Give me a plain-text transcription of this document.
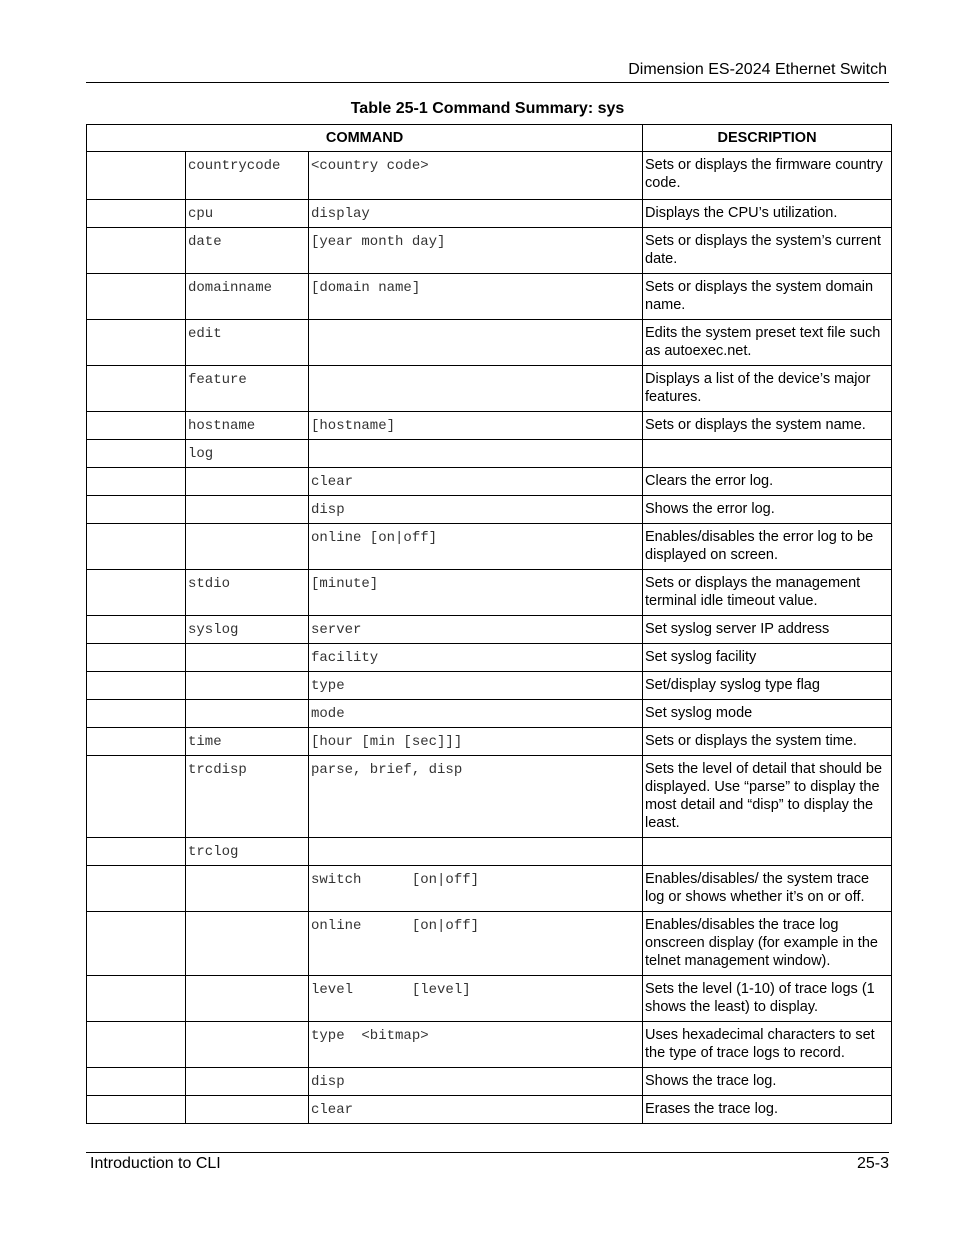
Dimension ES-2024 Ethernet Switch
Table 25-1 Command Summary: sys
COMMAND			DESCRIPTION
	countrycode	<country code>	Sets or displays the firmware country code.
	cpu	display	Displays the CPU’s utilization.
	date	[year month day]	Sets or displays the system’s current date.
	domainname	[domain name]	Sets or displays the system domain name.
	edit		Edits the system preset text file such as autoexec.net.
	feature		Displays a list of the device’s major features.
	hostname	[hostname]	Sets or displays the system name.
	log		
		clear	Clears the error log.
		disp	Shows the error log.
		online [on|off]	Enables/disables the error log to be displayed on screen.
	stdio	[minute]	Sets or displays the management terminal idle timeout value.
	syslog	server	Set syslog server IP address
		facility	Set syslog facility
		type	Set/display syslog type flag
		mode	Set syslog mode
	time	[hour [min [sec]]]	Sets or displays the system time.
	trcdisp	parse, brief, disp	Sets the level of detail that should be displayed. Use “parse” to display the most detail and “disp” to display the least.
	trclog		
		switch      [on|off]	Enables/disables/ the system trace log or shows whether it’s on or off.
		online      [on|off]	Enables/disables the trace log onscreen display (for example in the telnet management window).
		level       [level]	Sets the level (1-10) of trace logs (1 shows the least) to display.
		type  <bitmap>	Uses hexadecimal characters to set the type of trace logs to record.
		disp	Shows the trace log.
		clear	Erases the trace log.
Introduction to CLI	25-3
